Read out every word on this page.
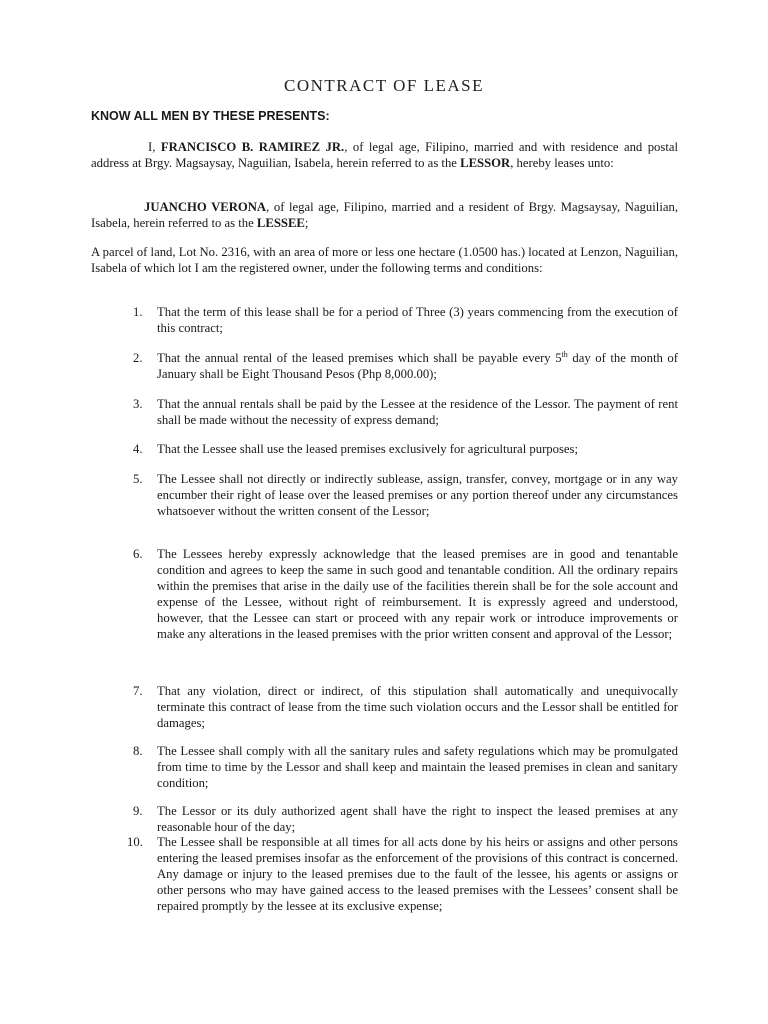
CONTRACT OF LEASE

KNOW ALL MEN BY THESE PRESENTS:

I, FRANCISCO B. RAMIREZ JR., of legal age, Filipino, married and with residence and postal address at Brgy. Magsaysay, Naguilian, Isabela, herein referred to as the LESSOR, hereby leases unto:

JUANCHO VERONA, of legal age, Filipino, married and a resident of Brgy. Magsaysay, Naguilian, Isabela, herein referred to as the LESSEE;

A parcel of land, Lot No. 2316, with an area of more or less one hectare (1.0500 has.) located at Lenzon, Naguilian, Isabela of which lot I am the registered owner, under the following terms and conditions:

1.	That the term of this lease shall be for a period of Three (3) years commencing from the execution of this contract;
2.	That the annual rental of the leased premises which shall be payable every 5th day of the month of January shall be Eight Thousand Pesos (Php 8,000.00);
3.	That the annual rentals shall be paid by the Lessee at the residence of the Lessor. The payment of rent shall be made without the necessity of express demand;
4.	That the Lessee shall use the leased premises exclusively for agricultural purposes;
5.	The Lessee shall not directly or indirectly sublease, assign, transfer, convey, mortgage or in any way encumber their right of lease over the leased premises or any portion thereof under any circumstances whatsoever without the written consent of the Lessor;
6.	The Lessees hereby expressly acknowledge that the leased premises are in good and tenantable condition and agrees to keep the same in such good and tenantable condition. All the ordinary repairs within the premises that arise in the daily use of the facilities therein shall be for the sole account and expense of the Lessee, without right of reimbursement. It is expressly agreed and understood, however, that the Lessee can start or proceed with any repair work or introduce improvements or make any alterations in the leased premises with the prior written consent and approval of the Lessor;
7.	That any violation, direct or indirect, of this stipulation shall automatically and unequivocally terminate this contract of lease from the time such violation occurs and the Lessor shall be entitled for damages;
8.	The Lessee shall comply with all the sanitary rules and safety regulations which may be promulgated from time to time by the Lessor and shall keep and maintain the leased premises in clean and sanitary condition;
9.	The Lessor or its duly authorized agent shall have the right to inspect the leased premises at any reasonable hour of the day;
10.	The Lessee shall be responsible at all times for all acts done by his heirs or assigns and other persons entering the leased premises insofar as the enforcement of the provisions of this contract is concerned. Any damage or injury to the leased premises due to the fault of the lessee, his agents or assigns or other persons who may have gained access to the leased premises with the Lessees’ consent shall be repaired promptly by the lessee at its exclusive expense;
